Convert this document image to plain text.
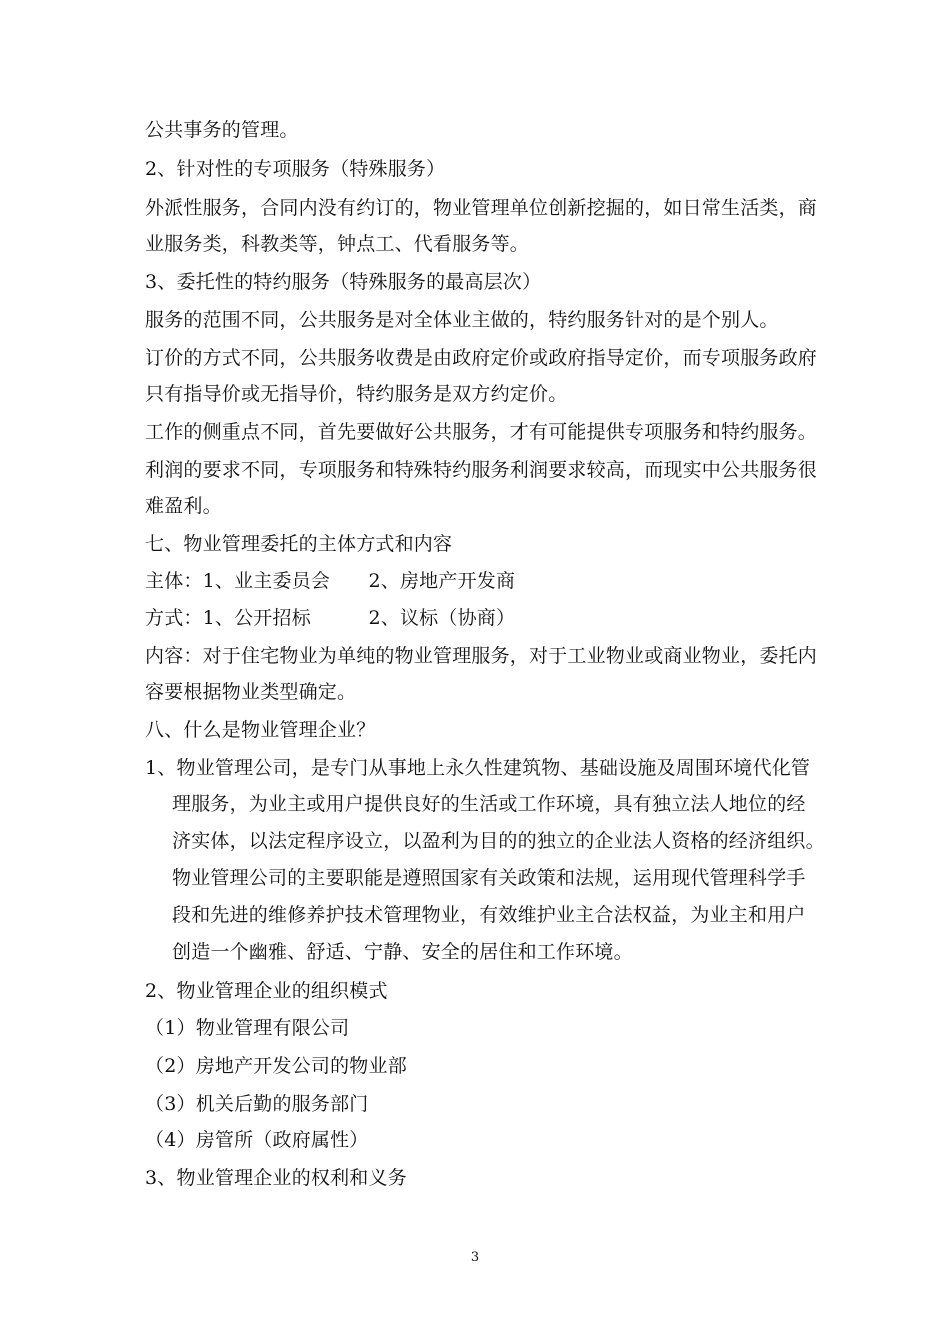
公共事务的管理。
2、针对性的专项服务（特殊服务）
外派性服务，合同内没有约订的，物业管理单位创新挖掘的，如日常生活类，商
业服务类，科教类等，钟点工、代看服务等。
3、委托性的特约服务（特殊服务的最高层次）
服务的范围不同，公共服务是对全体业主做的，特约服务针对的是个别人。
订价的方式不同，公共服务收费是由政府定价或政府指导定价，而专项服务政府
只有指导价或无指导价，特约服务是双方约定价。
工作的侧重点不同，首先要做好公共服务，才有可能提供专项服务和特约服务。
利润的要求不同，专项服务和特殊特约服务利润要求较高，而现实中公共服务很
难盈利。
七、物业管理委托的主体方式和内容
主体：1、业主委员会　　2、房地产开发商
方式：1、公开招标　　　2、议标（协商）
内容：对于住宅物业为单纯的物业管理服务，对于工业物业或商业物业，委托内
容要根据物业类型确定。
八、什么是物业管理企业？
1、物业管理公司，是专门从事地上永久性建筑物、基础设施及周围环境代化管
理服务，为业主或用户提供良好的生活或工作环境，具有独立法人地位的经
济实体，以法定程序设立，以盈利为目的的独立的企业法人资格的经济组织。
物业管理公司的主要职能是遵照国家有关政策和法规，运用现代管理科学手
段和先进的维修养护技术管理物业，有效维护业主合法权益，为业主和用户
创造一个幽雅、舒适、宁静、安全的居住和工作环境。
2、物业管理企业的组织模式
（1）物业管理有限公司
（2）房地产开发公司的物业部
（3）机关后勤的服务部门
（4）房管所（政府属性）
3、物业管理企业的权利和义务
3
